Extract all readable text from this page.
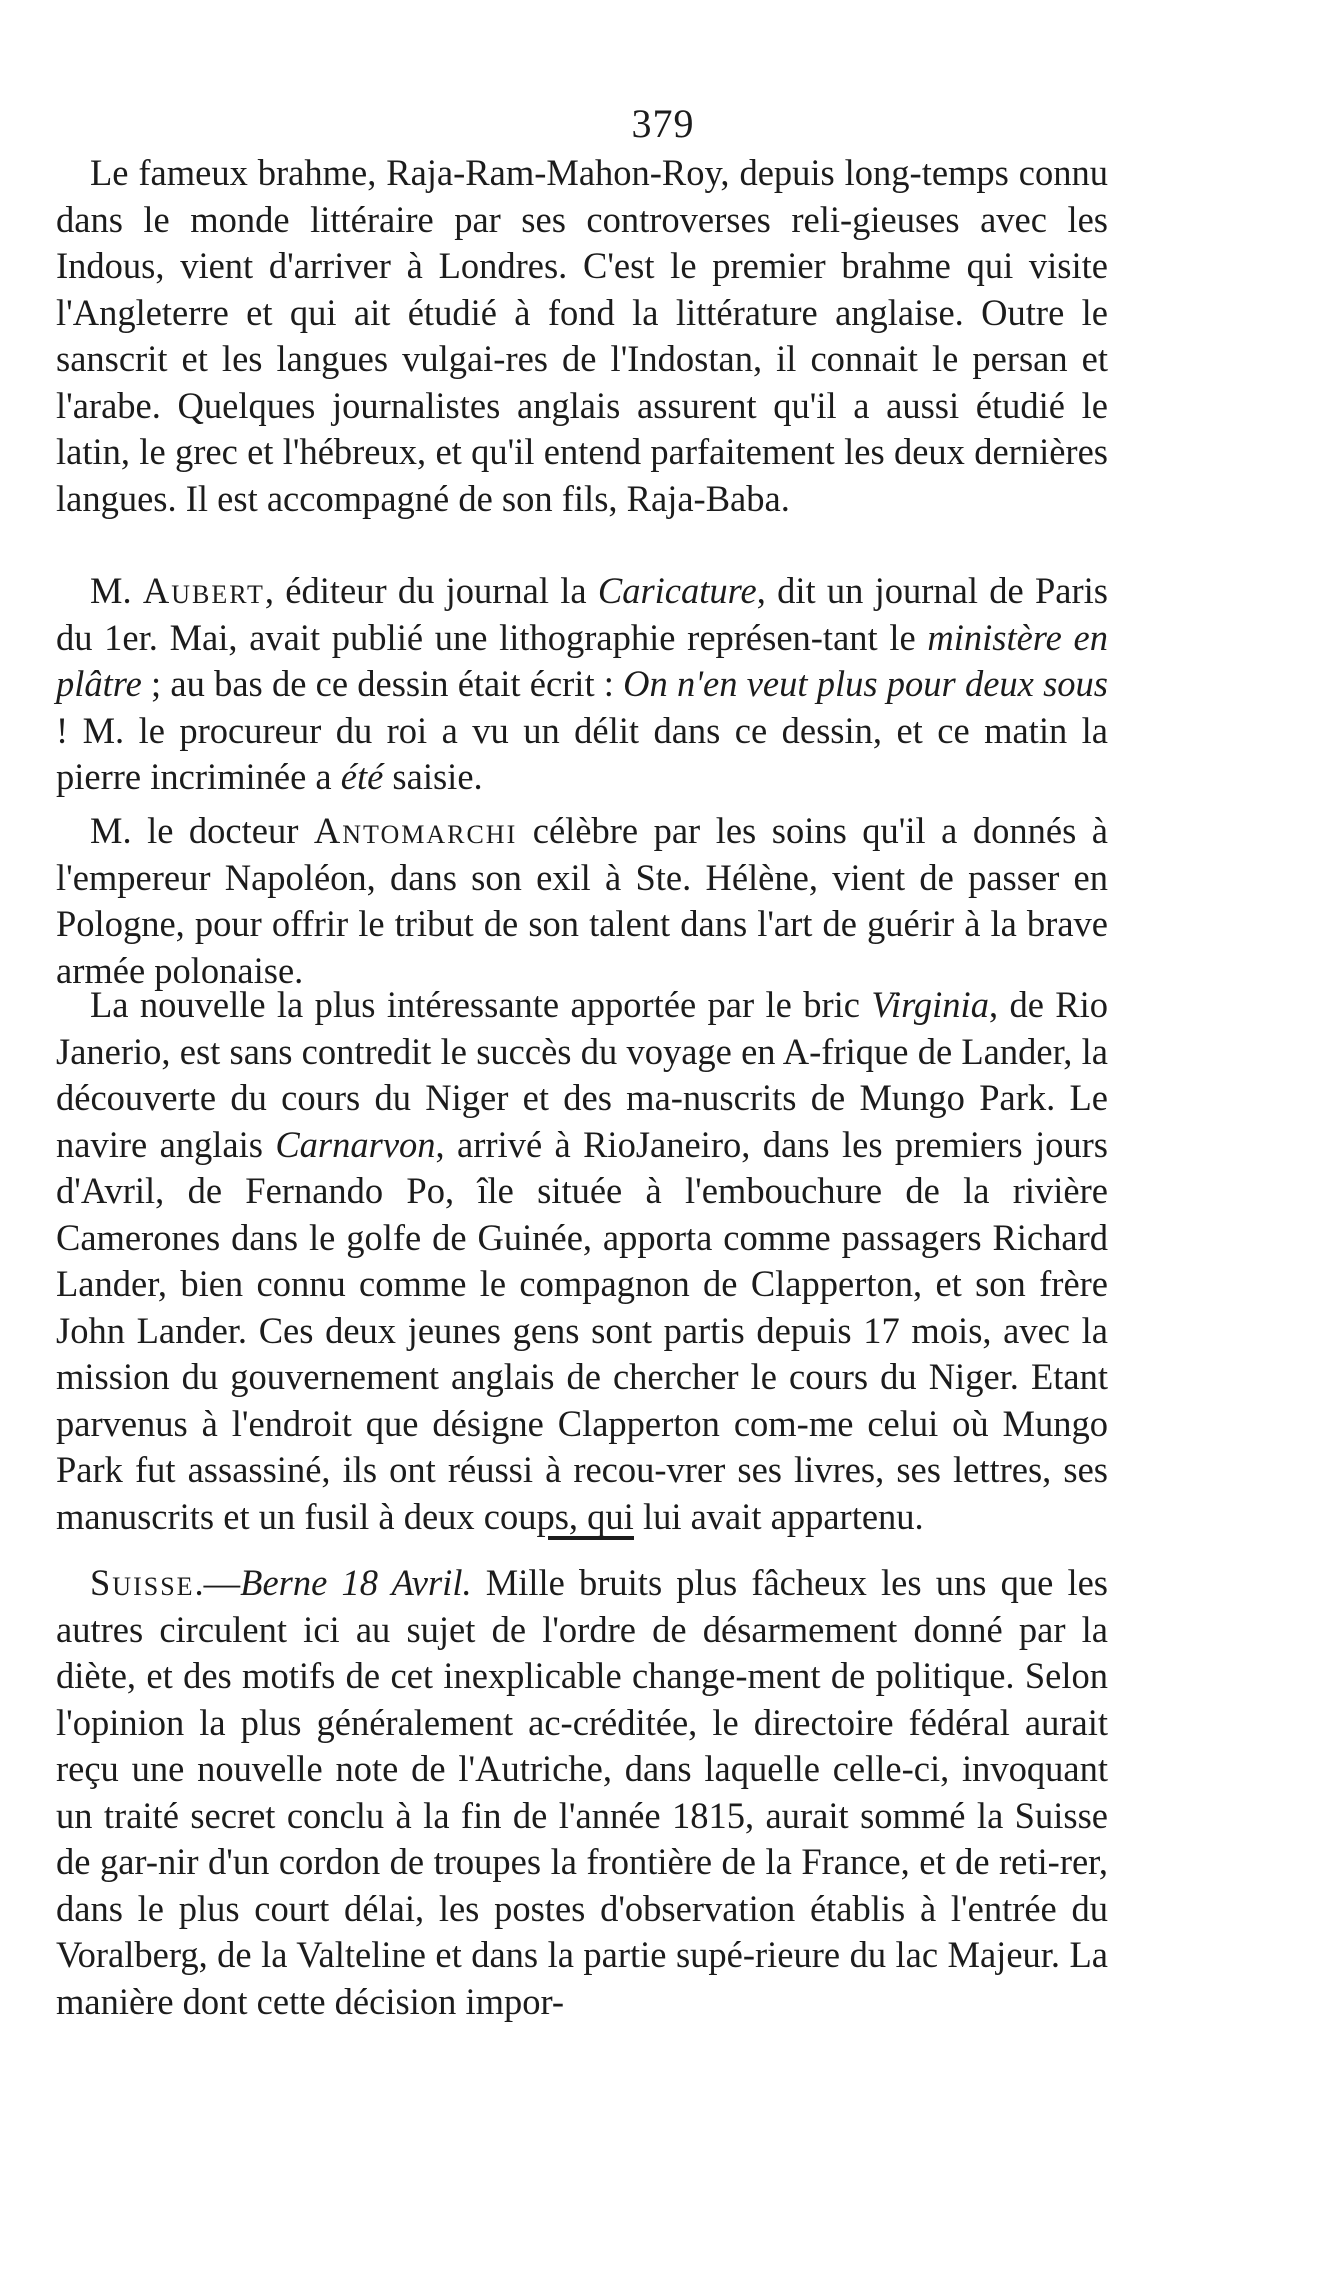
379

Le fameux brahme, Raja-Ram-Mahon-Roy, depuis long-temps connu dans le monde littéraire par ses controverses reli-gieuses avec les Indous, vient d'arriver à Londres. C'est le premier brahme qui visite l'Angleterre et qui ait étudié à fond la littérature anglaise. Outre le sanscrit et les langues vulgai-res de l'Indostan, il connait le persan et l'arabe. Quelques journalistes anglais assurent qu'il a aussi étudié le latin, le grec et l'hébreux, et qu'il entend parfaitement les deux dernières langues. Il est accompagné de son fils, Raja-Baba.

M. Aubert, éditeur du journal la Caricature, dit un journal de Paris du 1er. Mai, avait publié une lithographie représen-tant le ministère en plâtre ; au bas de ce dessin était écrit : On n'en veut plus pour deux sous ! M. le procureur du roi a vu un délit dans ce dessin, et ce matin la pierre incriminée a été saisie.

M. le docteur Antomarchi célèbre par les soins qu'il a donnés à l'empereur Napoléon, dans son exil à Ste. Hélène, vient de passer en Pologne, pour offrir le tribut de son talent dans l'art de guérir à la brave armée polonaise.

La nouvelle la plus intéressante apportée par le bric Virginia, de Rio Janerio, est sans contredit le succès du voyage en A-frique de Lander, la découverte du cours du Niger et des ma-nuscrits de Mungo Park. Le navire anglais Carnarvon, arrivé à RioJaneiro, dans les premiers jours d'Avril, de Fernando Po, île située à l'embouchure de la rivière Camerones dans le golfe de Guinée, apporta comme passagers Richard Lander, bien connu comme le compagnon de Clapperton, et son frère John Lander. Ces deux jeunes gens sont partis depuis 17 mois, avec la mission du gouvernement anglais de chercher le cours du Niger. Etant parvenus à l'endroit que désigne Clapperton com-me celui où Mungo Park fut assassiné, ils ont réussi à recou-vrer ses livres, ses lettres, ses manuscrits et un fusil à deux coups, qui lui avait appartenu.

Suisse.—Berne 18 Avril. Mille bruits plus fâcheux les uns que les autres circulent ici au sujet de l'ordre de désarmement donné par la diète, et des motifs de cet inexplicable change-ment de politique. Selon l'opinion la plus généralement ac-créditée, le directoire fédéral aurait reçu une nouvelle note de l'Autriche, dans laquelle celle-ci, invoquant un traité secret conclu à la fin de l'année 1815, aurait sommé la Suisse de gar-nir d'un cordon de troupes la frontière de la France, et de reti-rer, dans le plus court délai, les postes d'observation établis à l'entrée du Voralberg, de la Valteline et dans la partie supé-rieure du lac Majeur. La manière dont cette décision impor-
